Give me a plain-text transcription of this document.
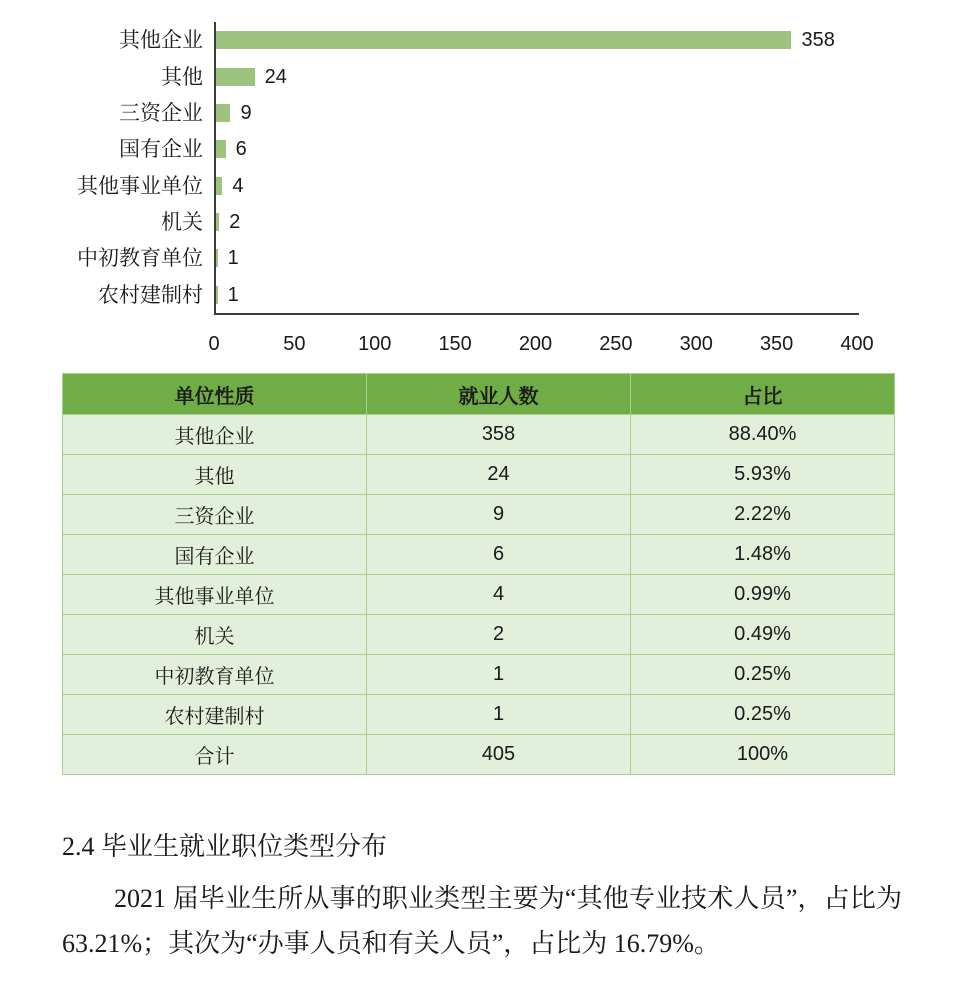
其他企业	358
其他	24
三资企业 9
国有企业 6
其他事业单位 4
机关 2
中初教育单位 1
农村建制村 1
0	50	100 150 200 250 300 350 400
单位性质	就业人数	占比
其他企业	358	88.40%
其他	24	5.93%
三资企业	9	2.22%
国有企业	6	1.48%
其他事业单位	4	0.99%
机关	2	0.49%
中初教育单位	1	0.25%
农村建制村	1	0.25%
合计	405	100%
2.4 毕业生就业职位类型分布
2021 届毕业生所从事的职业类型主要为“其他专业技术人员”，占比为 63.21%；其次为“办事人员和有关人员”，占比为 16.79%。
